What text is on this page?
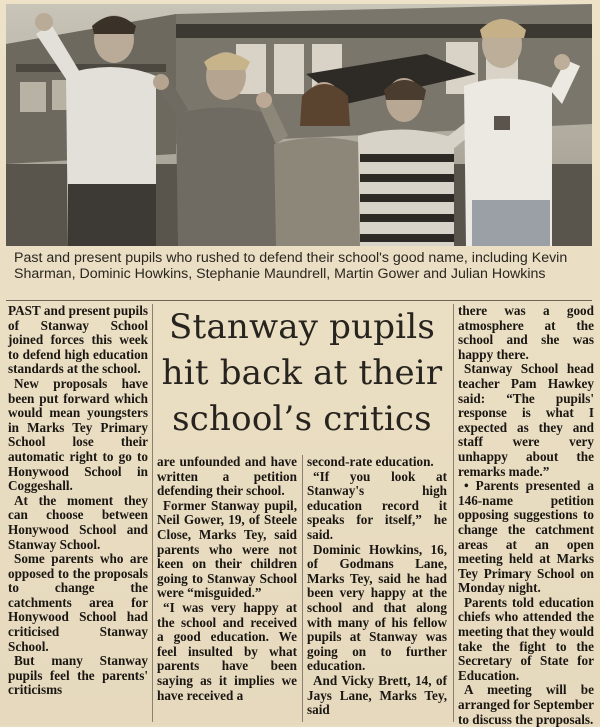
Past and present pupils who rushed to defend their school's good name, including Kevin Sharman, Dominic Howkins, Stephanie Maundrell, Martin Gower and Julian Howkins

Stanway pupils
hit back at their
school’s critics

PAST and present pupils of Stanway School joined forces this week to defend high education standards at the school.

New proposals have been put forward which would mean youngsters in Marks Tey Primary School lose their automatic right to go to Honywood School in Coggeshall.

At the moment they can choose between Honywood School and Stanway School.

Some parents who are opposed to the proposals to change the catchments area for Honywood School had criticised Stanway School.

But many Stanway pupils feel the parents' criticisms

are unfounded and have written a petition defending their school.

Former Stanway pupil, Neil Gower, 19, of Steele Close, Marks Tey, said parents who were not keen on their children going to Stanway School were “misguided.”

“I was very happy at the school and received a good education. We feel insulted by what parents have been saying as it implies we have received a

second-rate education.

“If you look at Stanway's high education record it speaks for itself,” he said.

Dominic Howkins, 16, of Godmans Lane, Marks Tey, said he had been very happy at the school and that along with many of his fellow pupils at Stanway was going on to further education.

And Vicky Brett, 14, of Jays Lane, Marks Tey, said

there was a good atmosphere at the school and she was happy there.

Stanway School head teacher Pam Hawkey said: “The pupils' response is what I expected as they and staff were very unhappy about the remarks made.”

• Parents presented a 146-name petition opposing suggestions to change the catchment areas at an open meeting held at Marks Tey Primary School on Monday night.

Parents told education chiefs who attended the meeting that they would take the fight to the Secretary of State for Education.

A meeting will be arranged for September to discuss the proposals.
